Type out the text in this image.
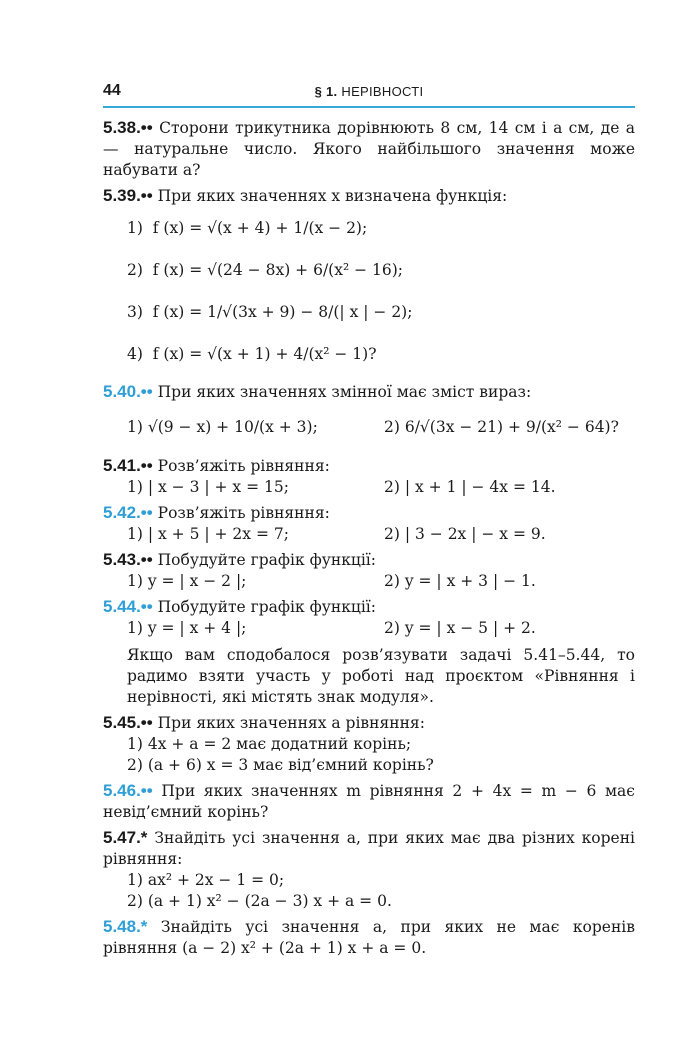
44	§ 1. НЕРІВНОСТІ

5.38.•• Сторони трикутника дорівнюють 8 см, 14 см і a см, де a — натуральне число. Якого найбільшого значення може набувати a?

5.39.•• При яких значеннях x визначена функція:

1)  f (x) = √(x + 4) + 1/(x − 2);
2)  f (x) = √(24 − 8x) + 6/(x² − 16);
3)  f (x) = 1/√(3x + 9) − 8/(| x | − 2);
4)  f (x) = √(x + 1) + 4/(x² − 1)?

5.40.•• При яких значеннях змінної має зміст вираз:

1) √(9 − x) + 10/(x + 3);	2) 6/√(3x − 21) + 9/(x² − 64)?

5.41.•• Розв’яжіть рівняння:

1) | x − 3 | + x = 15;	2) | x + 1 | − 4x = 14.

5.42.•• Розв’яжіть рівняння:

1) | x + 5 | + 2x = 7;	2) | 3 − 2x | − x = 9.

5.43.•• Побудуйте графік функції:

1) y = | x − 2 |;	2) y = | x + 3 | − 1.

5.44.•• Побудуйте графік функції:

1) y = | x + 4 |;	2) y = | x − 5 | + 2.

Якщо вам сподобалося розв’язувати задачі 5.41–5.44, то радимо взяти участь у роботі над проєктом «Рівняння і нерівності, які містять знак модуля».

5.45.•• При яких значеннях a рівняння:

1) 4x + a = 2 має додатний корінь;
2) (a + 6) x = 3 має від’ємний корінь?

5.46.•• При яких значеннях m рівняння 2 + 4x = m − 6 має невід’ємний корінь?

5.47.* Знайдіть усі значення a, при яких має два різних корені рівняння:

1) ax² + 2x − 1 = 0;
2) (a + 1) x² − (2a − 3) x + a = 0.

5.48.* Знайдіть усі значення a, при яких не має коренів рівняння (a − 2) x² + (2a + 1) x + a = 0.
